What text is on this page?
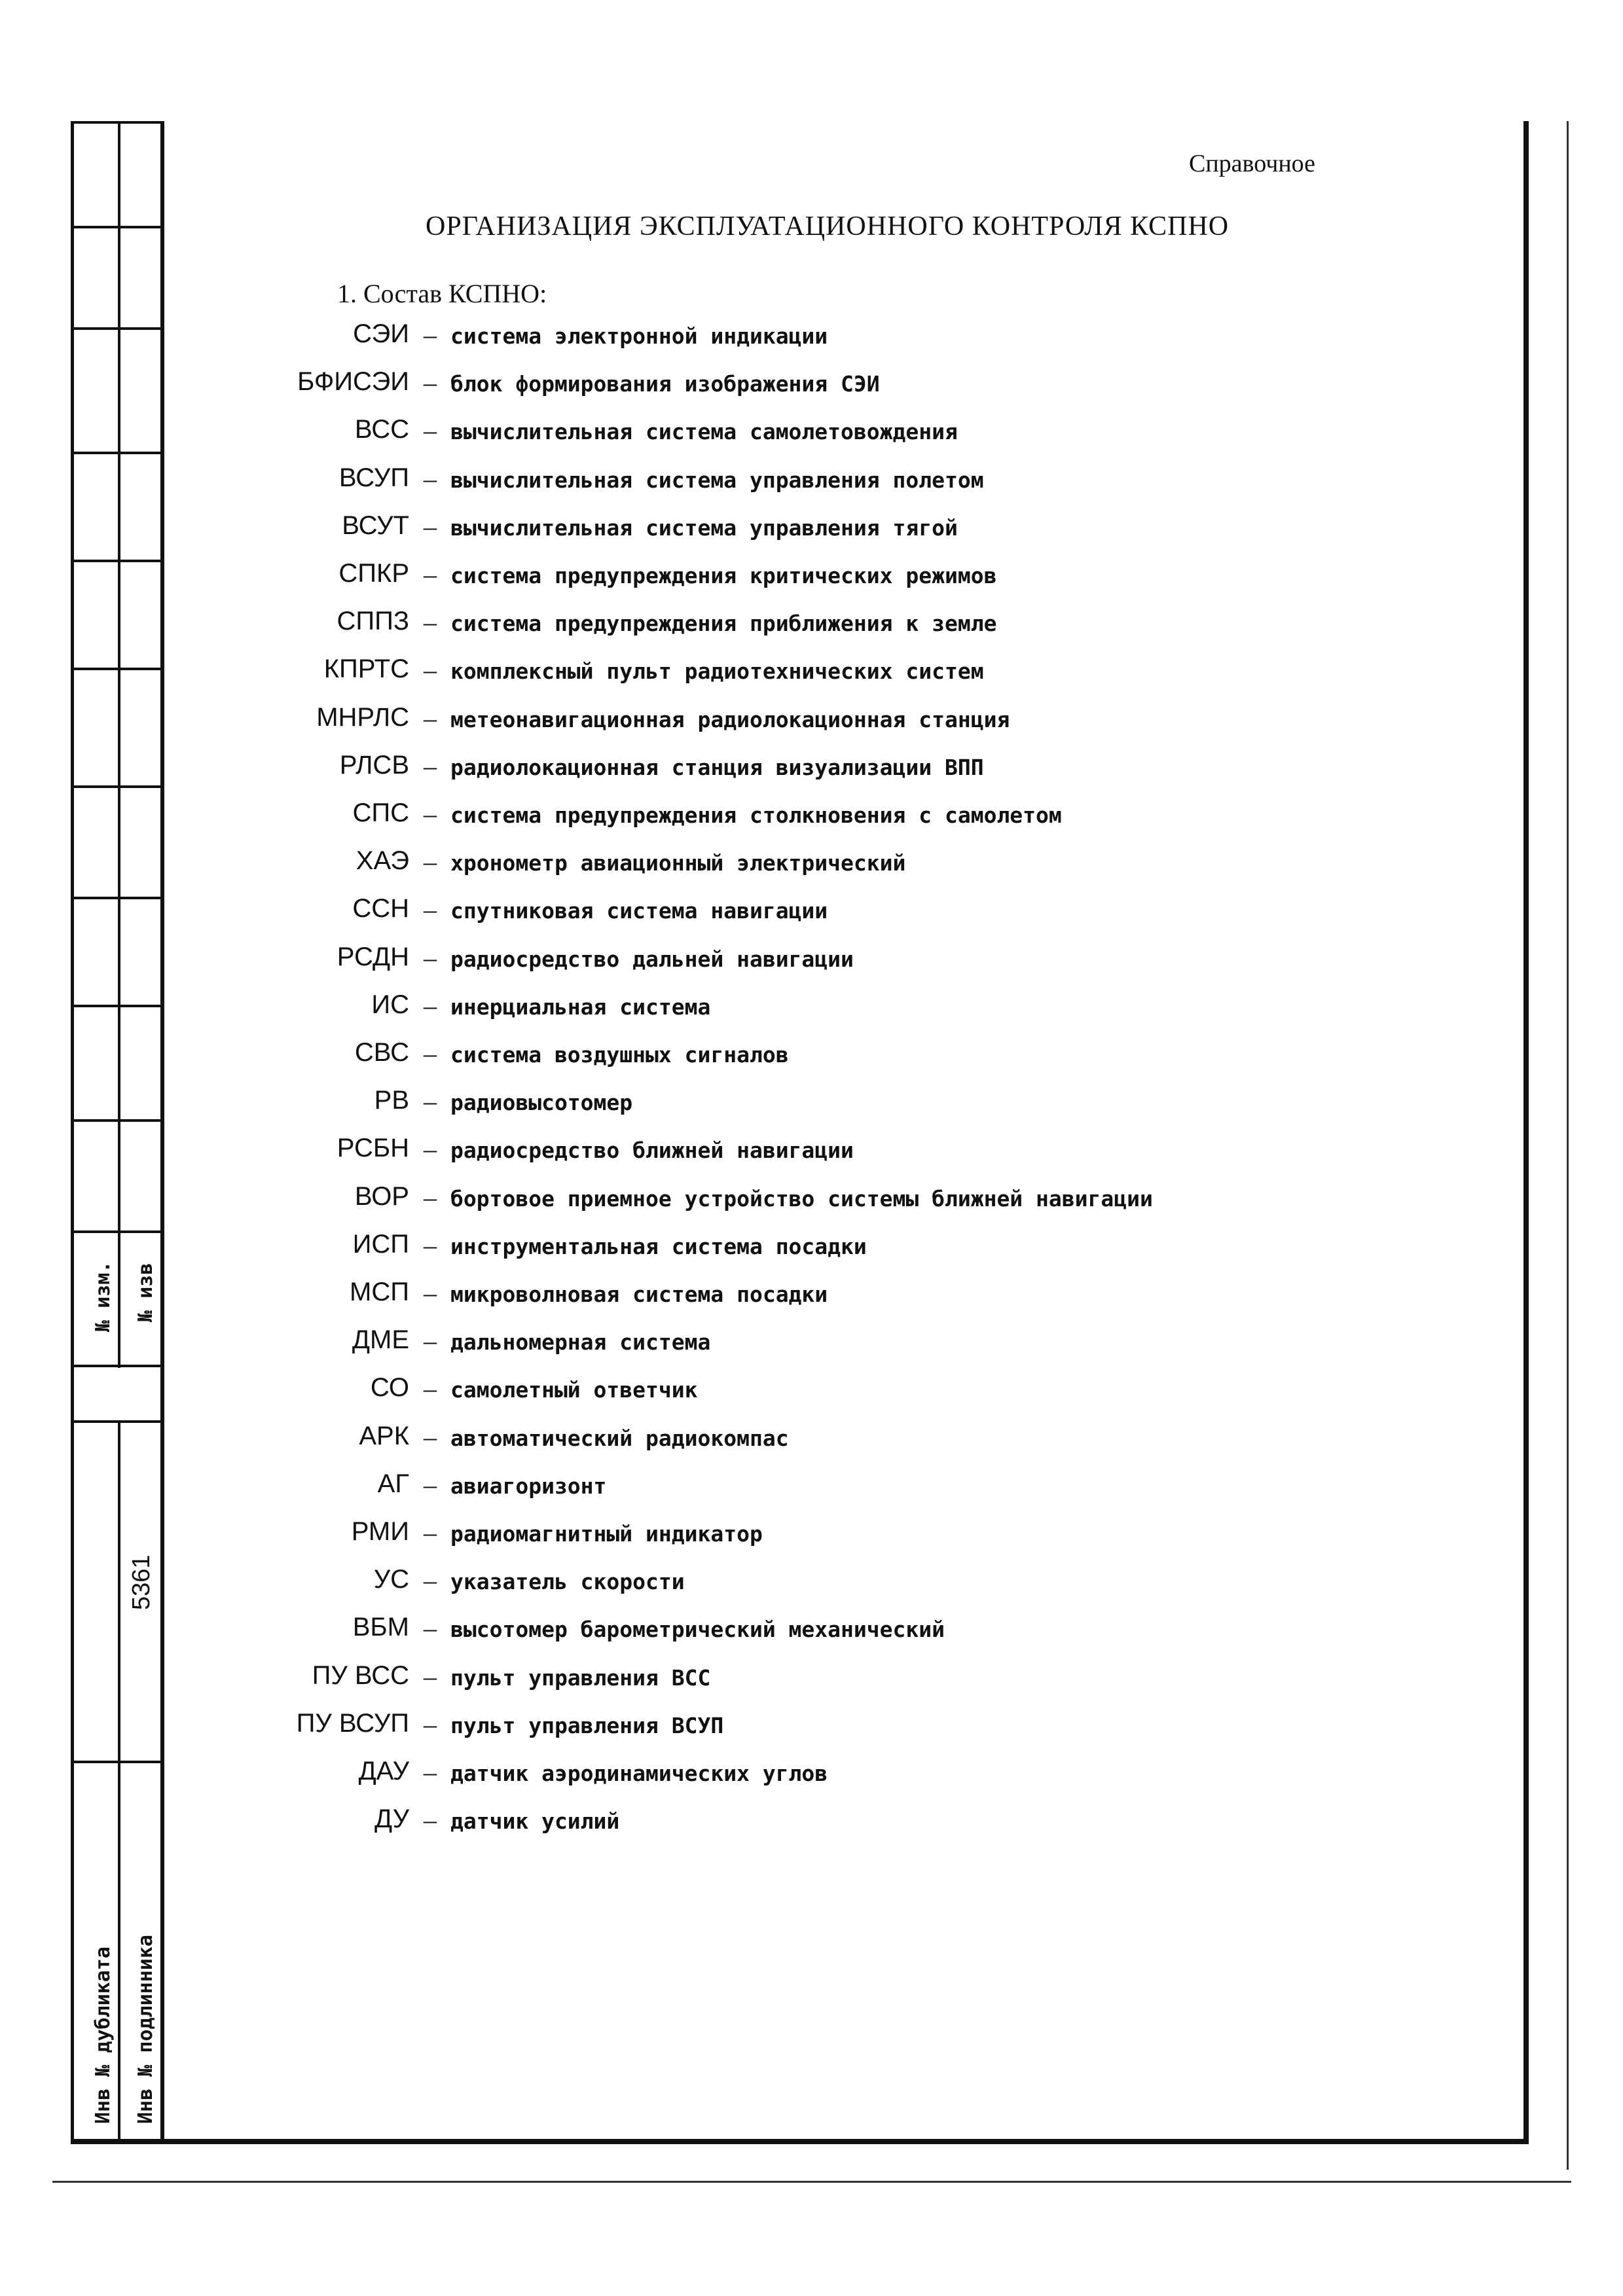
№ изм. № изв
5361
Инв № дубликата Инв № подлинника
Справочное
ОРГАНИЗАЦИЯ ЭКСПЛУАТАЦИОННОГО КОНТРОЛЯ КСПНО
1. Состав КСПНО:
СЭИ – система электронной индикации
БФИСЭИ – блок формирования изображения СЭИ
ВСС – вычислительная система самолетовождения
ВСУП – вычислительная система управления полетом
ВСУТ – вычислительная система управления тягой
СПКР – система предупреждения критических режимов
СППЗ – система предупреждения приближения к земле
КПРТС – комплексный пульт радиотехнических систем
МНРЛС – метеонавигационная радиолокационная станция
РЛСВ – радиолокационная станция визуализации ВПП
СПС – система предупреждения столкновения с самолетом
ХАЭ – хронометр авиационный электрический
ССН – спутниковая система навигации
РСДН – радиосредство дальней навигации
ИС – инерциальная система
СВС – система воздушных сигналов
РВ – радиовысотомер
РСБН – радиосредство ближней навигации
ВОР – бортовое приемное устройство системы ближней навигации
ИСП – инструментальная система посадки
МСП – микроволновая система посадки
ДМЕ – дальномерная система
СО – самолетный ответчик
АРК – автоматический радиокомпас
АГ – авиагоризонт
РМИ – радиомагнитный индикатор
УС – указатель скорости
ВБМ – высотомер барометрический механический
ПУ ВСС – пульт управления ВСС
ПУ ВСУП – пульт управления ВСУП
ДАУ – датчик аэродинамических углов
ДУ – датчик усилий
